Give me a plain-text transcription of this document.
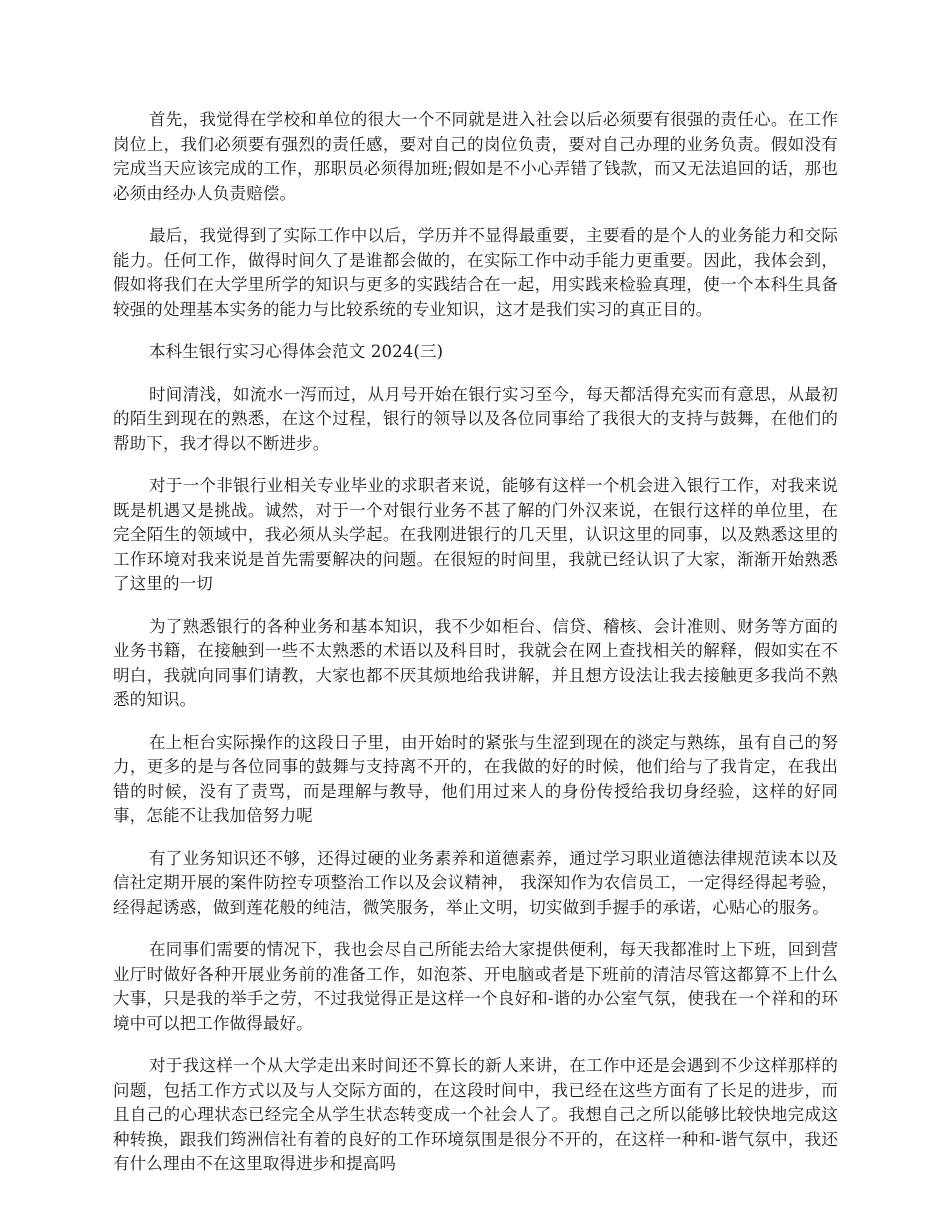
首先，我觉得在学校和单位的很大一个不同就是进入社会以后必须要有很强的责任心。在工作岗位上，我们必须要有强烈的责任感，要对自己的岗位负责，要对自己办理的业务负责。假如没有完成当天应该完成的工作，那职员必须得加班;假如是不小心弄错了钱款，而又无法追回的话，那也必须由经办人负责赔偿。

最后，我觉得到了实际工作中以后，学历并不显得最重要，主要看的是个人的业务能力和交际能力。任何工作，做得时间久了是谁都会做的，在实际工作中动手能力更重要。因此，我体会到，假如将我们在大学里所学的知识与更多的实践结合在一起，用实践来检验真理，使一个本科生具备较强的处理基本实务的能力与比较系统的专业知识，这才是我们实习的真正目的。

本科生银行实习心得体会范文 2024(三)

时间清浅，如流水一泻而过，从月号开始在银行实习至今，每天都活得充实而有意思，从最初的陌生到现在的熟悉，在这个过程，银行的领导以及各位同事给了我很大的支持与鼓舞，在他们的帮助下，我才得以不断进步。

对于一个非银行业相关专业毕业的求职者来说，能够有这样一个机会进入银行工作，对我来说既是机遇又是挑战。诚然，对于一个对银行业务不甚了解的门外汉来说，在银行这样的单位里，在完全陌生的领域中，我必须从头学起。在我刚进银行的几天里，认识这里的同事，以及熟悉这里的工作环境对我来说是首先需要解决的问题。在很短的时间里，我就已经认识了大家，渐渐开始熟悉了这里的一切

为了熟悉银行的各种业务和基本知识，我不少如柜台、信贷、稽核、会计准则、财务等方面的业务书籍，在接触到一些不太熟悉的术语以及科目时，我就会在网上查找相关的解释，假如实在不明白，我就向同事们请教，大家也都不厌其烦地给我讲解，并且想方设法让我去接触更多我尚不熟悉的知识。

在上柜台实际操作的这段日子里，由开始时的紧张与生涩到现在的淡定与熟练，虽有自己的努力，更多的是与各位同事的鼓舞与支持离不开的，在我做的好的时候，他们给与了我肯定，在我出错的时候，没有了责骂，而是理解与教导，他们用过来人的身份传授给我切身经验，这样的好同事，怎能不让我加倍努力呢

有了业务知识还不够，还得过硬的业务素养和道德素养，通过学习职业道德法律规范读本以及信社定期开展的案件防控专项整治工作以及会议精神， 我深知作为农信员工，一定得经得起考验，经得起诱惑，做到莲花般的纯洁，微笑服务，举止文明，切实做到手握手的承诺，心贴心的服务。

在同事们需要的情况下，我也会尽自己所能去给大家提供便利，每天我都准时上下班，回到营业厅时做好各种开展业务前的准备工作，如泡茶、开电脑或者是下班前的清洁尽管这都算不上什么大事，只是我的举手之劳，不过我觉得正是这样一个良好和-谐的办公室气氛，使我在一个祥和的环境中可以把工作做得最好。

对于我这样一个从大学走出来时间还不算长的新人来讲，在工作中还是会遇到不少这样那样的问题，包括工作方式以及与人交际方面的，在这段时间中，我已经在这些方面有了长足的进步，而且自己的心理状态已经完全从学生状态转变成一个社会人了。我想自己之所以能够比较快地完成这种转换，跟我们筠洲信社有着的良好的工作环境氛围是很分不开的，在这样一种和-谐气氛中，我还有什么理由不在这里取得进步和提高吗
